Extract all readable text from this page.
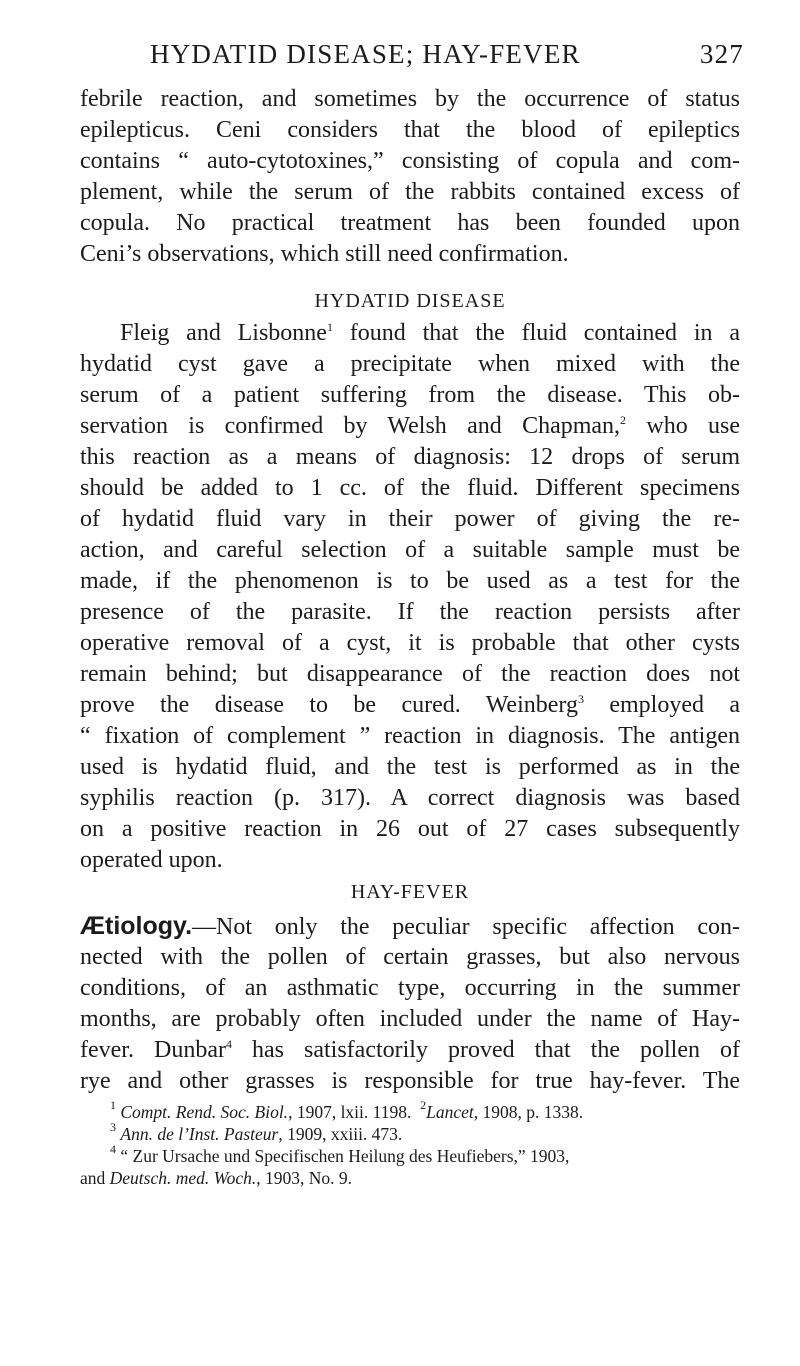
HYDATID DISEASE; HAY-FEVER	327
febrile reaction, and sometimes by the occurrence of status
epilepticus. Ceni considers that the blood of epileptics
contains “ auto-cytotoxines,” consisting of copula and com-
plement, while the serum of the rabbits contained excess of
copula. No practical treatment has been founded upon
Ceni’s observations, which still need confirmation.
HYDATID DISEASE
Fleig and Lisbonne$^1$ found that the fluid contained in a
hydatid cyst gave a precipitate when mixed with the
serum of a patient suffering from the disease. This ob-
servation is confirmed by Welsh and Chapman,$^2$ who use
this reaction as a means of diagnosis: 12 drops of serum
should be added to 1 cc. of the fluid. Different specimens
of hydatid fluid vary in their power of giving the re-
action, and careful selection of a suitable sample must be
made, if the phenomenon is to be used as a test for the
presence of the parasite. If the reaction persists after
operative removal of a cyst, it is probable that other cysts
remain behind; but disappearance of the reaction does not
prove the disease to be cured. Weinberg$^3$ employed a
“ fixation of complement ” reaction in diagnosis. The antigen
used is hydatid fluid, and the test is performed as in the
syphilis reaction (p. 317). A correct diagnosis was based
on a positive reaction in 26 out of 27 cases subsequently
operated upon.
HAY-FEVER
Ætiology.—Not only the peculiar specific affection con-
nected with the pollen of certain grasses, but also nervous
conditions, of an asthmatic type, occurring in the summer
months, are probably often included under the name of Hay-
fever. Dunbar$^4$ has satisfactorily proved that the pollen of
rye and other grasses is responsible for true hay-fever. The
$^1$ Compt. Rend. Soc. Biol., 1907, lxii. 1198. $^2$Lancet, 1908, p. 1338.
$^3$ Ann. de l’Inst. Pasteur, 1909, xxiii. 473.
$^4$ “ Zur Ursache und Specifischen Heilung des Heufiebers,” 1903,
and Deutsch. med. Woch., 1903, No. 9.
